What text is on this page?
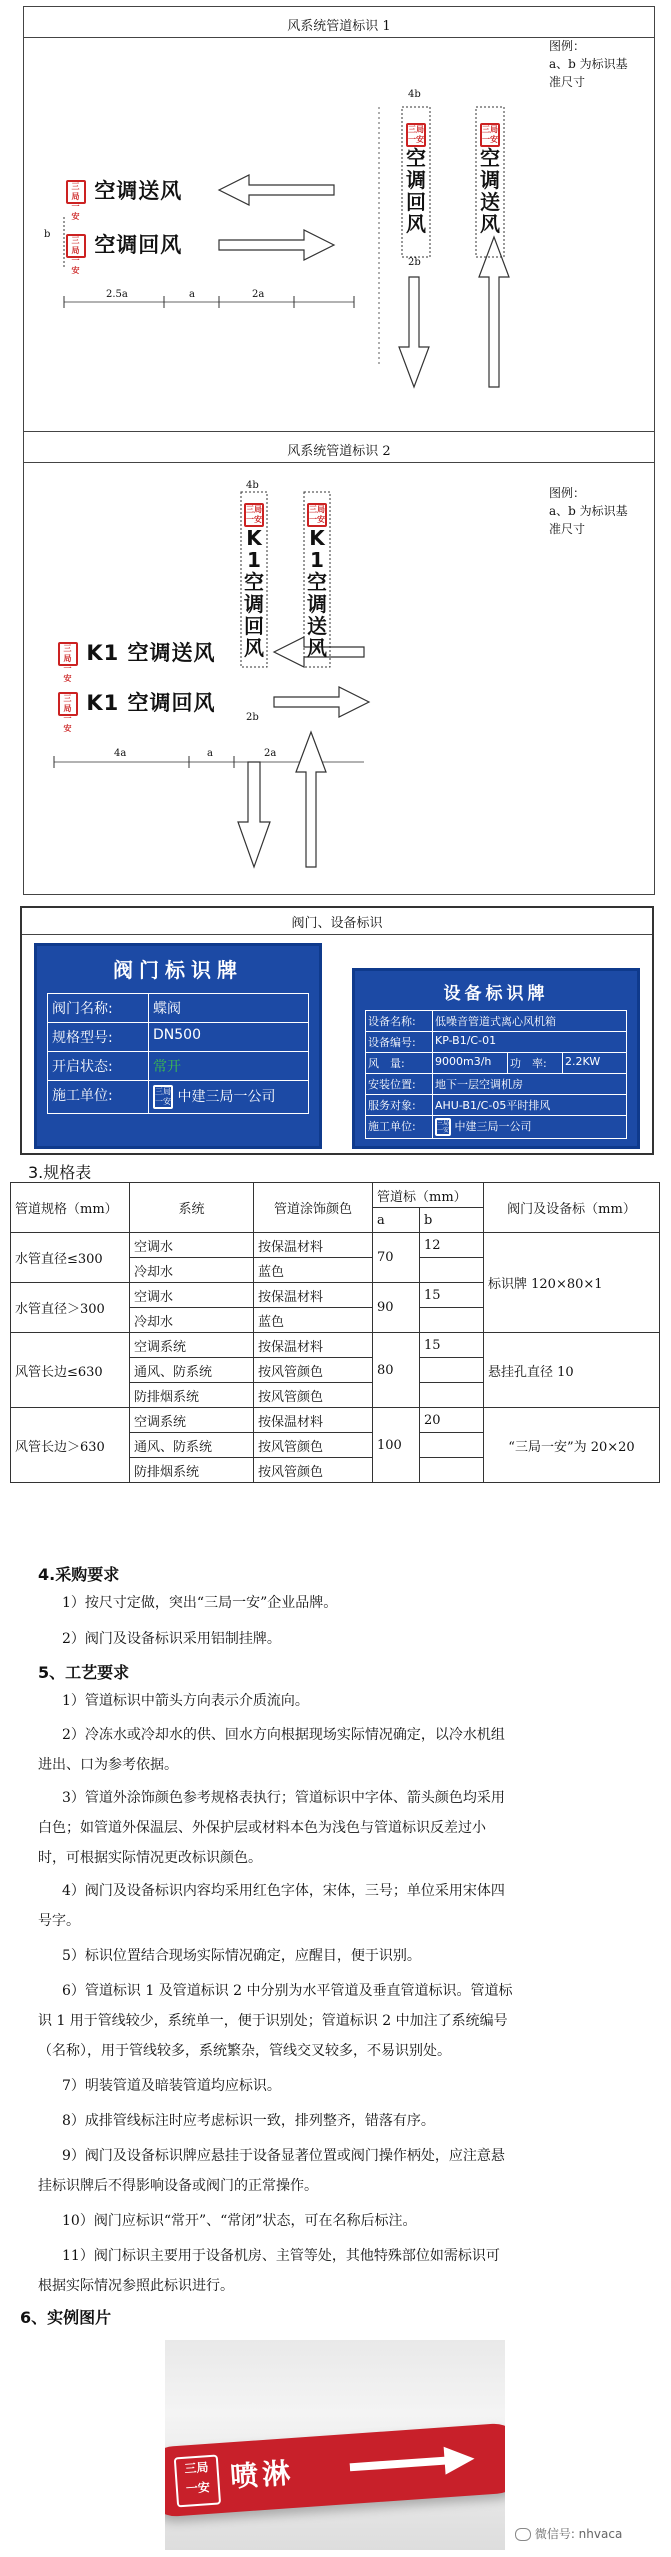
风系统管道标识 1
图例：
a、b 为标识基
准尺寸
三局
一安 空调送风
三局
一安 空调回风
三局
一安
空调回风
三局
一安
空调送风
4b
2b
b
2.5a	a	2a
风系统管道标识 2
图例：
a、b 为标识基
准尺寸
三局
一安 K1 空调送风
三局
一安 K1 空调回风
三局
一安
K1
空调回风
三局
一安
K1
空调送风
4b
2b
4a	a	2a
阀门、设备标识
阀门标识牌
阀门名称:	蝶阀
规格型号:	DN500
开启状态:	常开
施工单位:	三局
一安 中建三局一公司
设备标识牌
设备名称:	低噪音管道式离心风机箱
设备编号:	KP-B1/C-01
风　量:	9000m3/h	功　率:	2.2KW
安装位置:	地下一层空调机房
服务对象:	AHU-B1/C-05平时排风
施工单位:	三局
一安 中建三局一公司
3.规格表
管道规格（mm）	系统	管道涂饰颜色	管道标（mm）		阀门及设备标（mm）
			a	b	
水管直径≤300	空调水	按保温材料	70	12	标识牌 120×80×1
	冷却水	蓝色			
水管直径＞300	空调水	按保温材料	90	15	
	冷却水	蓝色			
风管长边≤630	空调系统	按保温材料	80	15	悬挂孔直径 10
	通风、防系统	按风管颜色			
	防排烟系统	按风管颜色			
风管长边＞630	空调系统	按保温材料	100	20	“三局一安”为 20×20
	通风、防系统	按风管颜色			
	防排烟系统	按风管颜色			
4.采购要求
1）按尺寸定做，突出“三局一安”企业品牌。
2）阀门及设备标识采用铝制挂牌。
5、工艺要求
1）管道标识中箭头方向表示介质流向。
2）冷冻水或冷却水的供、回水方向根据现场实际情况确定，以冷水机组
进出、口为参考依据。
3）管道外涂饰颜色参考规格表执行；管道标识中字体、箭头颜色均采用
白色；如管道外保温层、外保护层或材料本色为浅色与管道标识反差过小
时，可根据实际情况更改标识颜色。
4）阀门及设备标识内容均采用红色字体，宋体，三号；单位采用宋体四
号字。
5）标识位置结合现场实际情况确定，应醒目，便于识别。
6）管道标识 1 及管道标识 2 中分别为水平管道及垂直管道标识。管道标
识 1 用于管线较少，系统单一，便于识别处；管道标识 2 中加注了系统编号
（名称），用于管线较多，系统繁杂，管线交叉较多，不易识别处。
7）明装管道及暗装管道均应标识。
8）成排管线标注时应考虑标识一致，排列整齐，错落有序。
9）阀门及设备标识牌应悬挂于设备显著位置或阀门操作柄处，应注意悬
挂标识牌后不得影响设备或阀门的正常操作。
10）阀门应标识“常开”、“常闭”状态，可在名称后标注。
11）阀门标识主要用于设备机房、主管等处，其他特殊部位如需标识可
根据实际情况参照此标识进行。
6、实例图片
三局
一安 喷淋
微信号: nhvaca
